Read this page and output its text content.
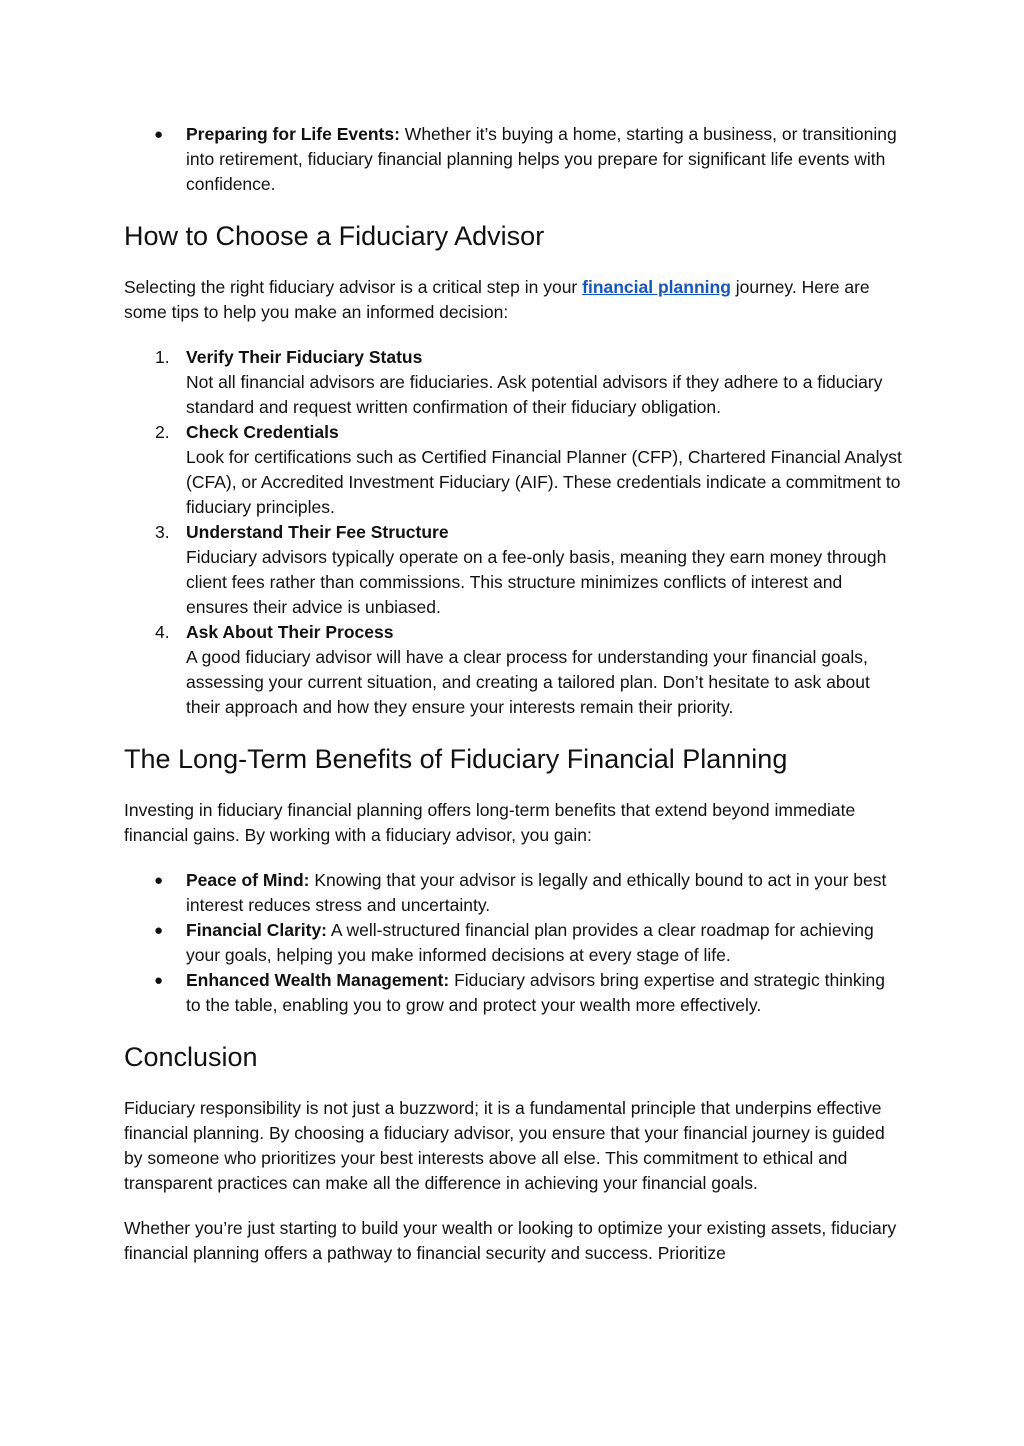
● Preparing for Life Events: Whether it’s buying a home, starting a business, or transitioning into retirement, fiduciary financial planning helps you prepare for significant life events with confidence.
How to Choose a Fiduciary Advisor

Selecting the right fiduciary advisor is a critical step in your financial planning journey. Here are some tips to help you make an informed decision:

1. Verify Their Fiduciary Status
Not all financial advisors are fiduciaries. Ask potential advisors if they adhere to a fiduciary standard and request written confirmation of their fiduciary obligation.
2. Check Credentials
Look for certifications such as Certified Financial Planner (CFP), Chartered Financial Analyst (CFA), or Accredited Investment Fiduciary (AIF). These credentials indicate a commitment to fiduciary principles.
3. Understand Their Fee Structure
Fiduciary advisors typically operate on a fee-only basis, meaning they earn money through client fees rather than commissions. This structure minimizes conflicts of interest and ensures their advice is unbiased.
4. Ask About Their Process
A good fiduciary advisor will have a clear process for understanding your financial goals, assessing your current situation, and creating a tailored plan. Don’t hesitate to ask about their approach and how they ensure your interests remain their priority.
The Long-Term Benefits of Fiduciary Financial Planning

Investing in fiduciary financial planning offers long-term benefits that extend beyond immediate financial gains. By working with a fiduciary advisor, you gain:

● Peace of Mind: Knowing that your advisor is legally and ethically bound to act in your best interest reduces stress and uncertainty.
● Financial Clarity: A well-structured financial plan provides a clear roadmap for achieving your goals, helping you make informed decisions at every stage of life.
● Enhanced Wealth Management: Fiduciary advisors bring expertise and strategic thinking to the table, enabling you to grow and protect your wealth more effectively.
Conclusion

Fiduciary responsibility is not just a buzzword; it is a fundamental principle that underpins effective financial planning. By choosing a fiduciary advisor, you ensure that your financial journey is guided by someone who prioritizes your best interests above all else. This commitment to ethical and transparent practices can make all the difference in achieving your financial goals.

Whether you’re just starting to build your wealth or looking to optimize your existing assets, fiduciary financial planning offers a pathway to financial security and success. Prioritize
